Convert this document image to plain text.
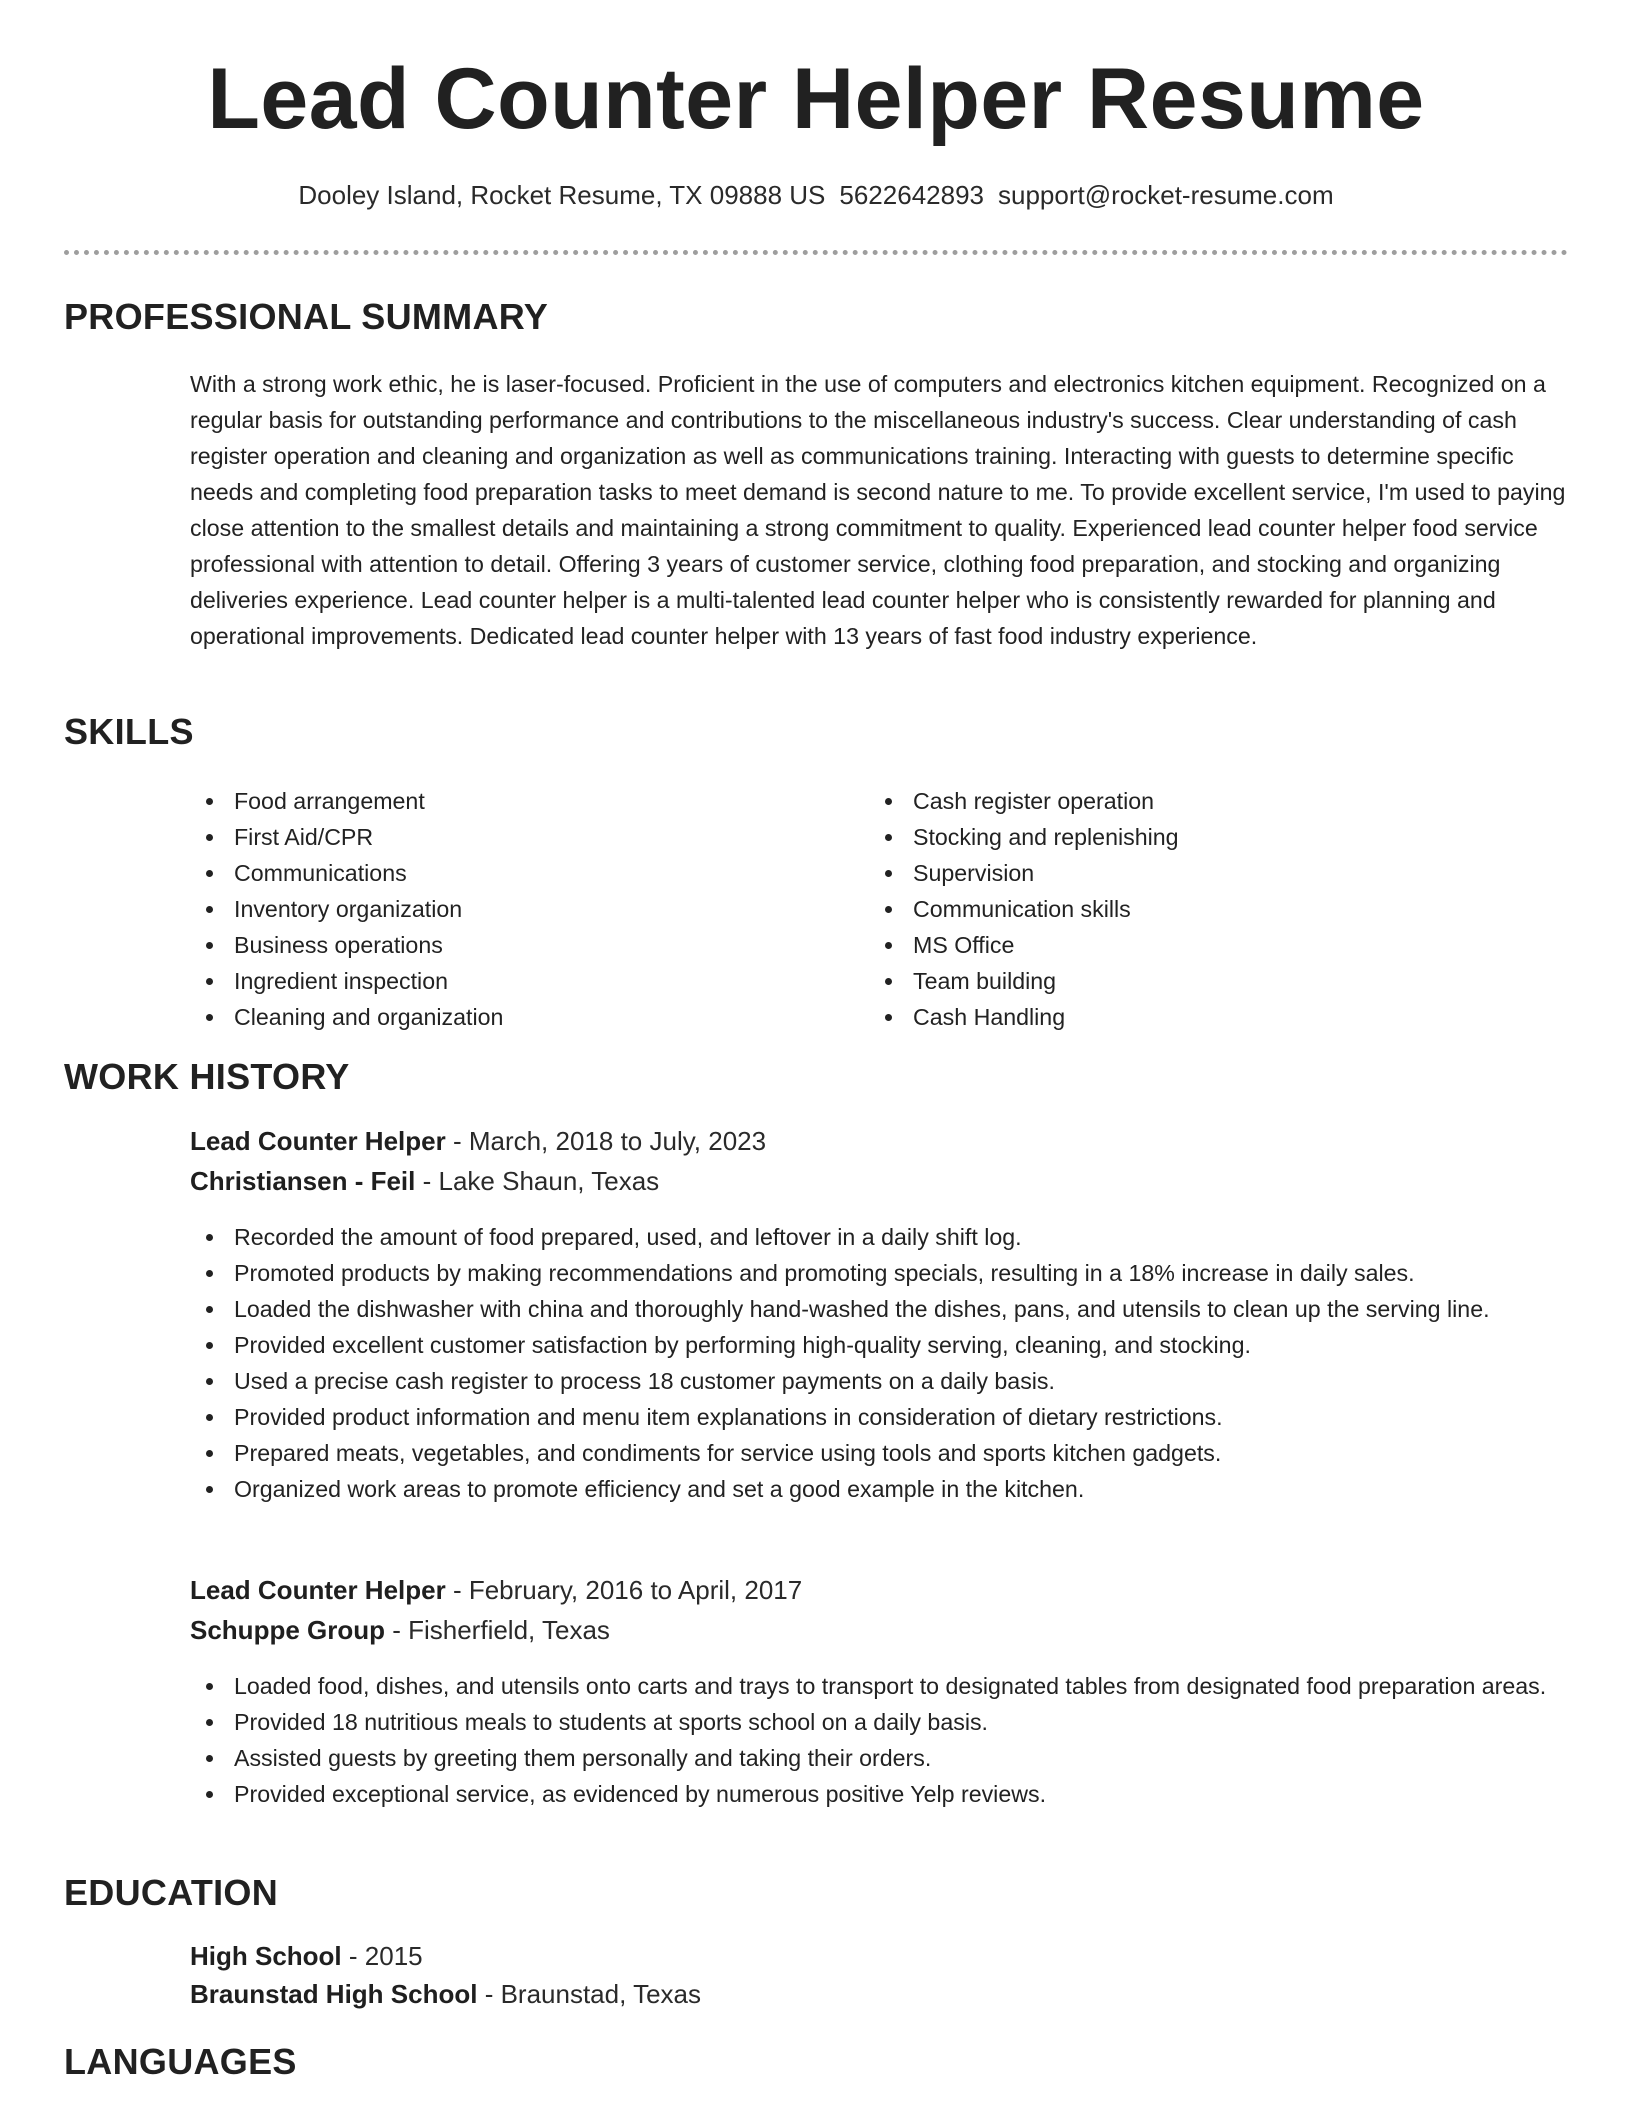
Lead Counter Helper Resume
Dooley Island, Rocket Resume, TX 09888 US 5622642893 support@rocket-resume.com
PROFESSIONAL SUMMARY

With a strong work ethic, he is laser-focused. Proficient in the use of computers and electronics kitchen equipment. Recognized on a regular basis for outstanding performance and contributions to the miscellaneous industry's success. Clear understanding of cash register operation and cleaning and organization as well as communications training. Interacting with guests to determine specific needs and completing food preparation tasks to meet demand is second nature to me. To provide excellent service, I'm used to paying close attention to the smallest details and maintaining a strong commitment to quality. Experienced lead counter helper food service professional with attention to detail. Offering 3 years of customer service, clothing food preparation, and stocking and organizing deliveries experience. Lead counter helper is a multi-talented lead counter helper who is consistently rewarded for planning and operational improvements. Dedicated lead counter helper with 13 years of fast food industry experience.

SKILLS
Food arrangement
First Aid/CPR
Communications
Inventory organization
Business operations
Ingredient inspection
Cleaning and organization
Cash register operation
Stocking and replenishing
Supervision
Communication skills
MS Office
Team building
Cash Handling
WORK HISTORY
Lead Counter Helper - March, 2018 to July, 2023
Christiansen - Feil - Lake Shaun, Texas
Recorded the amount of food prepared, used, and leftover in a daily shift log.
Promoted products by making recommendations and promoting specials, resulting in a 18% increase in daily sales.
Loaded the dishwasher with china and thoroughly hand-washed the dishes, pans, and utensils to clean up the serving line.
Provided excellent customer satisfaction by performing high-quality serving, cleaning, and stocking.
Used a precise cash register to process 18 customer payments on a daily basis.
Provided product information and menu item explanations in consideration of dietary restrictions.
Prepared meats, vegetables, and condiments for service using tools and sports kitchen gadgets.
Organized work areas to promote efficiency and set a good example in the kitchen.
Lead Counter Helper - February, 2016 to April, 2017
Schuppe Group - Fisherfield, Texas
Loaded food, dishes, and utensils onto carts and trays to transport to designated tables from designated food preparation areas.
Provided 18 nutritious meals to students at sports school on a daily basis.
Assisted guests by greeting them personally and taking their orders.
Provided exceptional service, as evidenced by numerous positive Yelp reviews.
EDUCATION
High School - 2015
Braunstad High School - Braunstad, Texas
LANGUAGES
